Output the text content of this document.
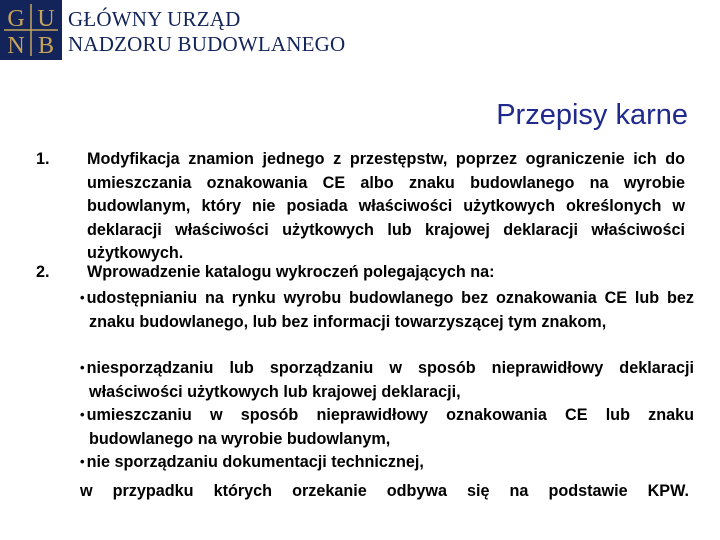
G U
N B
GŁÓWNY URZĄD
NADZORU BUDOWLANEGO
Przepisy karne
1. Modyfikacja znamion jednego z przestępstw, poprzez ograniczenie ich do umieszczania oznakowania CE albo znaku budowlanego na wyrobie budowlanym, który nie posiada właściwości użytkowych określonych w deklaracji właściwości użytkowych lub krajowej deklaracji właściwości użytkowych.
2. Wprowadzenie katalogu wykroczeń polegających na:
• udostępnianiu na rynku wyrobu budowlanego bez oznakowania CE lub bez znaku budowlanego, lub bez informacji towarzyszącej tym znakom,
• niesporządzaniu lub sporządzaniu w sposób nieprawidłowy deklaracji właściwości użytkowych lub krajowej deklaracji,
• umieszczaniu w sposób nieprawidłowy oznakowania CE lub znaku budowlanego na wyrobie budowlanym,
• nie sporządzaniu dokumentacji technicznej,
w przypadku których orzekanie odbywa się na podstawie KPW.
